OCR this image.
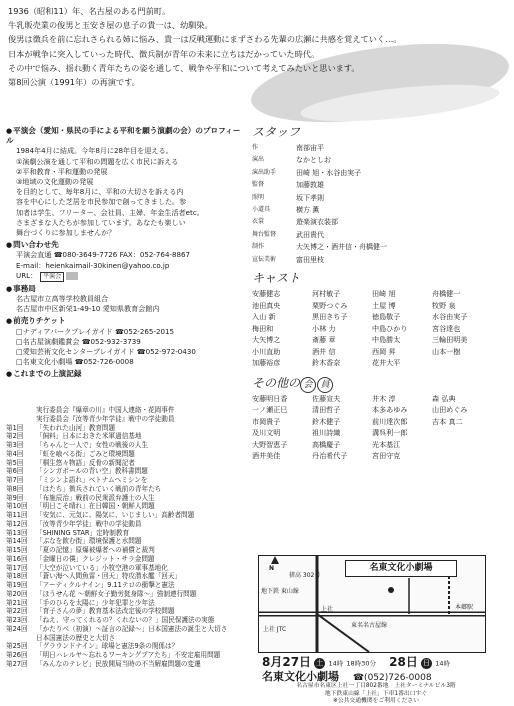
1936（昭和11）年、名古屋のある門前町。
牛乳販売業の俊男と玉安き屋の息子の貴一は、幼馴染。
俊男は徴兵を前に忘れさられる姉に悩み、貴一は反戦運動にまずさわる先輩の広瀬に共感を覚えていく…。
日本が戦争に突入していった時代、徴兵制が青年の未来に立ちはだかっていた時代。
その中で悩み、揺れ動く青年たちの姿を通して、戦争や平和について考えてみたいと思います。
第8回公演（1991年）の再演です。
● 平演会（愛知・県民の手による平和を願う演劇の会）のプロフィール
1984年4月に結成。今年8月に28年目を迎える。
①演劇公演を通して平和の問題を広く市民に訴える
②平和教育・平和運動の発展
③地域の文化運動の発展
を目的として、毎年8月に、平和の大切さを訴える内
容を中心にした芝居を市民参加で創ってきました。参
加者は学生、フリーター、会社員、主婦、年金生活者etc。
さまざまな人たちが参加しています。あなたも楽しい
舞台づくりに参加しませんか？
● 問い合わせ先
平演会直通 ☎080-3649-7726 FAX：052-764-8867
E-mail：heienkaimail-30kinen@yahoo.co.jp
URL： 平演会
● 事務局
名古屋市立高等学校教員組合
名古屋市中区新栄1-49-10 愛知県教育会館内
● 前売りチケット
□ナディアパークプレイガイド ☎052-265-2015
□名古屋演劇鑑賞会 ☎052-932-3739
□愛知芸術文化センタープレイガイド ☎052-972-0430
□名東文化小劇場 ☎052-726-0008
● これまでの上演記録
実行委員会『爆章の川』中国人連絡・花岡事件
実行委員会『汝等青少年学徒』戦中の学徒動員
第1回	「失われた山河」教育問題
第2回	「飼料」日本におきた米軍過信基地
第3回	「ちゃんと一人で」女性の戦後の人生
第4回	「虹を喰べる街」ごみと環境問題
第5回	「桐生悠々物語」反骨の新聞記者
第6回	「シンガポールの青い空」教科書問題
第7回	「ミシンよ語れ」ベトナムへミシンを
第8回	「はたち」徴兵されていく戦前の青年たち
第9回	「布施辰治」戦前の民衆派弁護士の人生
第10回	「明日こそ晴れ」在日韓国・朝鮮人問題
第11回	「安気に、元気に、陽気に、いじましい」高齢者問題
第12回	「汝等青少年学徒」戦中の学徒動員
第13回	「SHINING STAR」定時制教育
第14回	「ぶなを飲む街」環境保護と水問題
第15回	「夏の記憶」原爆被爆者への補償と裁判
第16回	「金曜日の僕」クレジット・サラ金問題
第17回	「大空が泣いている」小牧空港の軍事基地化
第18回	「蒼い海へ人間魚雷・回天」特攻潜水艦「回天」
第19回	「アーティクルナイン」9.11テロの衝撃と憲法
第20回	「ほうせん花 ～朝鮮女子勤労挺身隊～」強制連行問題
第21回	「手のひらを太陽に」少年犯罪と少年法
第22回	「育子さんの夢」教育基本法改定後の学校問題
第23回	「ねえ、守ってくれるの？くれないの？」国民保護法の実態
第24回	「かたりべ（初演）～証言の記録～」日本国憲法の誕生と大切さ
日本国憲法の歴史と大切さ
第25回	「グラウンドナイン」球場と憲法9条の関係は？
第26回	「明日ハレルヤ～忘れるワーキングプアたち」不安定雇用問題
第27回	「みんなのテレビ」民放開局当時の不当解雇問題の変遷
スタッフ
作	南部宙平
演出	なかとしお
演出助手	田崎 旭・水谷由実子
監督	加藤敦雄
照明	坂下孝則
小道具	横方 薫
衣裳	遊楽演衣装部
舞台監督	武田貴代
制作	大矢博之・酒井信・舟橋健一
宣伝美術	富田里枝
キャスト
安藤健志	河村敏子	田崎 旭	舟橋健一
池田真央	栗野つぐみ	土屋 博	牧野 泉
入山 新	黒田きち子	徳島敬子	水谷由実子
梅田和	小林 力	中島ひかり	宮谷達也
大矢博之	斎藤 章	中島勝太	三輪田明美
小川直助	酒井 信	西岡 昇	山本一樹
加藤裕彦	鈴木香奈	花井大平
その他の 会 員
安藤明日香	佐藤宣夫	井木 淳	森 弘典
一ノ瀬正巳	清田哲子	本多あゆみ	山田めぐみ
市岡貴子	鈴木健子	前川達次郎	吉本 真二
及川文明	祖川詩織	溝呉利一郎
大野智恵子	高橋慶子	光本基江
酒井美佳	丹治希代子	宮田守克
N
猪高 302号
地下鉄 東山線
上社
上社 JTC
東名名古屋線
本郷駅
名東文化小劇場
8月27日 土 14時 18時30分 28日 日 14時
名東文化小劇場 ☎(052)726-0008
名古屋市名東区上社一丁目802番地　上社ターミナルビル3階
地下鉄東山線「上社」下車1番出口すぐ
※公共交通機関をご利用ください
